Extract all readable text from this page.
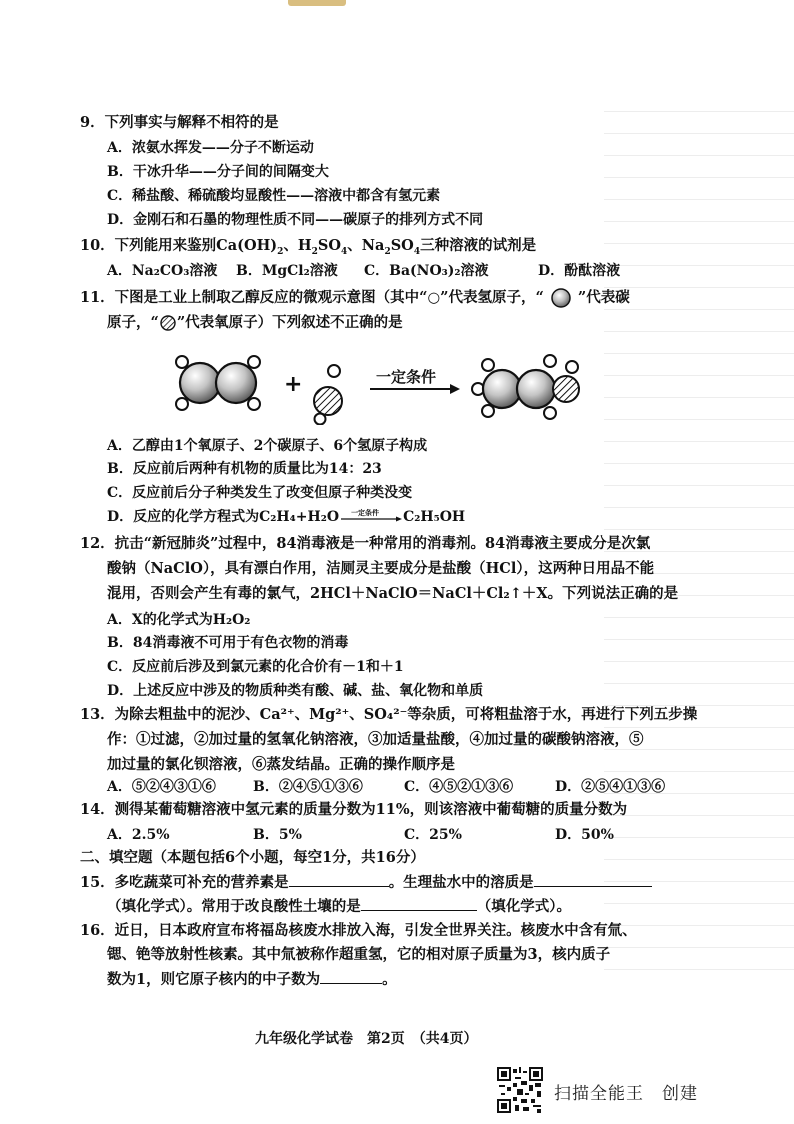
9．下列事实与解释不相符的是
A．浓氨水挥发——分子不断运动
B．干冰升华——分子间的间隔变大
C．稀盐酸、稀硫酸均显酸性——溶液中都含有氢元素
D．金刚石和石墨的物理性质不同——碳原子的排列方式不同
10．下列能用来鉴别$Ca(OH)_2$、$H_2SO_4$、$Na_2SO_4$三种溶液的试剂是
A．Na₂CO₃溶液 B．MgCl₂溶液 C．Ba(NO₃)₂溶液	D．酚酞溶液
11．下图是工业上制取乙醇反应的微观示意图（其中“○”代表氢原子，“ ”代表碳
原子，“ ”代表氧原子）下列叙述不正确的是
+	一定条件
A．乙醇由1个氧原子、2个碳原子、6个氢原子构成
B．反应前后两种有机物的质量比为14：23
C．反应前后分子种类发生了改变但原子种类没变
D．反应的化学方程式为C₂H₄+H₂O 一定条件 C₂H₅OH
12．抗击“新冠肺炎”过程中，84消毒液是一种常用的消毒剂。84消毒液主要成分是次氯
酸钠（NaClO），具有漂白作用，洁厕灵主要成分是盐酸（HCl），这两种日用品不能
混用，否则会产生有毒的氯气，2HCl＋NaClO＝NaCl＋Cl₂↑＋X。下列说法正确的是
A．X的化学式为H₂O₂
B．84消毒液不可用于有色衣物的消毒
C．反应前后涉及到氯元素的化合价有－1和＋1
D．上述反应中涉及的物质种类有酸、碱、盐、氧化物和单质
13．为除去粗盐中的泥沙、Ca²⁺、Mg²⁺、SO₄²⁻等杂质，可将粗盐溶于水，再进行下列五步操
作：①过滤，②加过量的氢氧化钠溶液，③加适量盐酸，④加过量的碳酸钠溶液，⑤
加过量的氯化钡溶液，⑥蒸发结晶。正确的操作顺序是
A．⑤②④③①⑥	B．②④⑤①③⑥	C．④⑤②①③⑥	D．②⑤④①③⑥
14．测得某葡萄糖溶液中氢元素的质量分数为11%，则该溶液中葡萄糖的质量分数为
A．2.5%	B．5%	C．25%	D．50%
二、填空题（本题包括6个小题，每空1分，共16分）
15．多吃蔬菜可补充的营养素是	。生理盐水中的溶质是
（填化学式）。常用于改良酸性土壤的是	（填化学式）。
16．近日，日本政府宣布将福岛核废水排放入海，引发全世界关注。核废水中含有氚、
锶、铯等放射性核素。其中氚被称作超重氢，它的相对原子质量为3，核内质子
数为1，则它原子核内的中子数为	。
九年级化学试卷　第2页　（共4页）
扫描全能王　创建
